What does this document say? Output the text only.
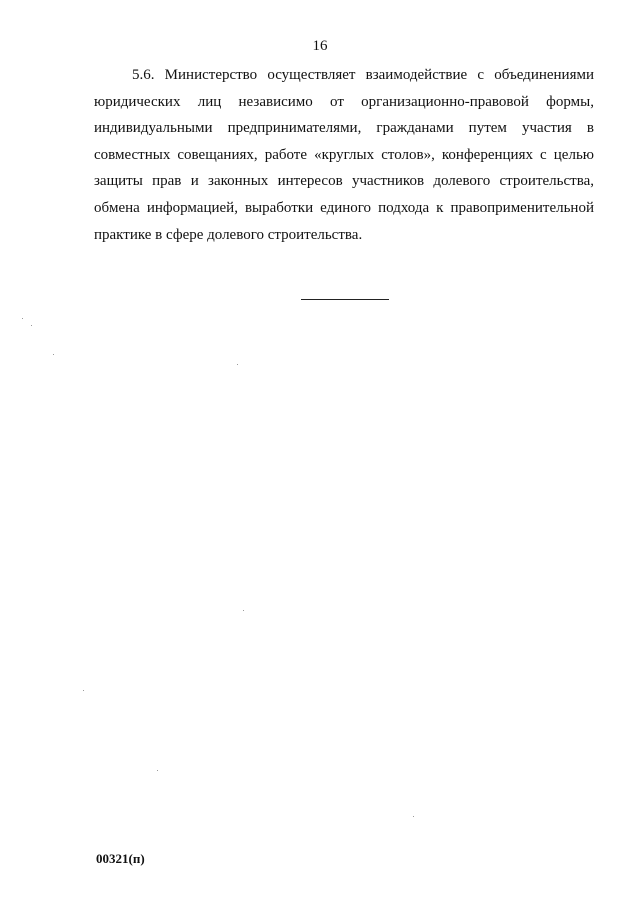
16

5.6. Министерство осуществляет взаимодействие с объединениями юридических лиц независимо от организационно-правовой формы, индивидуальными предпринимателями, гражданами путем участия в совместных совещаниях, работе «круглых столов», конференциях с целью защиты прав и законных интересов участников долевого строительства, обмена информацией, выработки единого подхода к правоприменительной практике в сфере долевого строительства.

00321(п)
